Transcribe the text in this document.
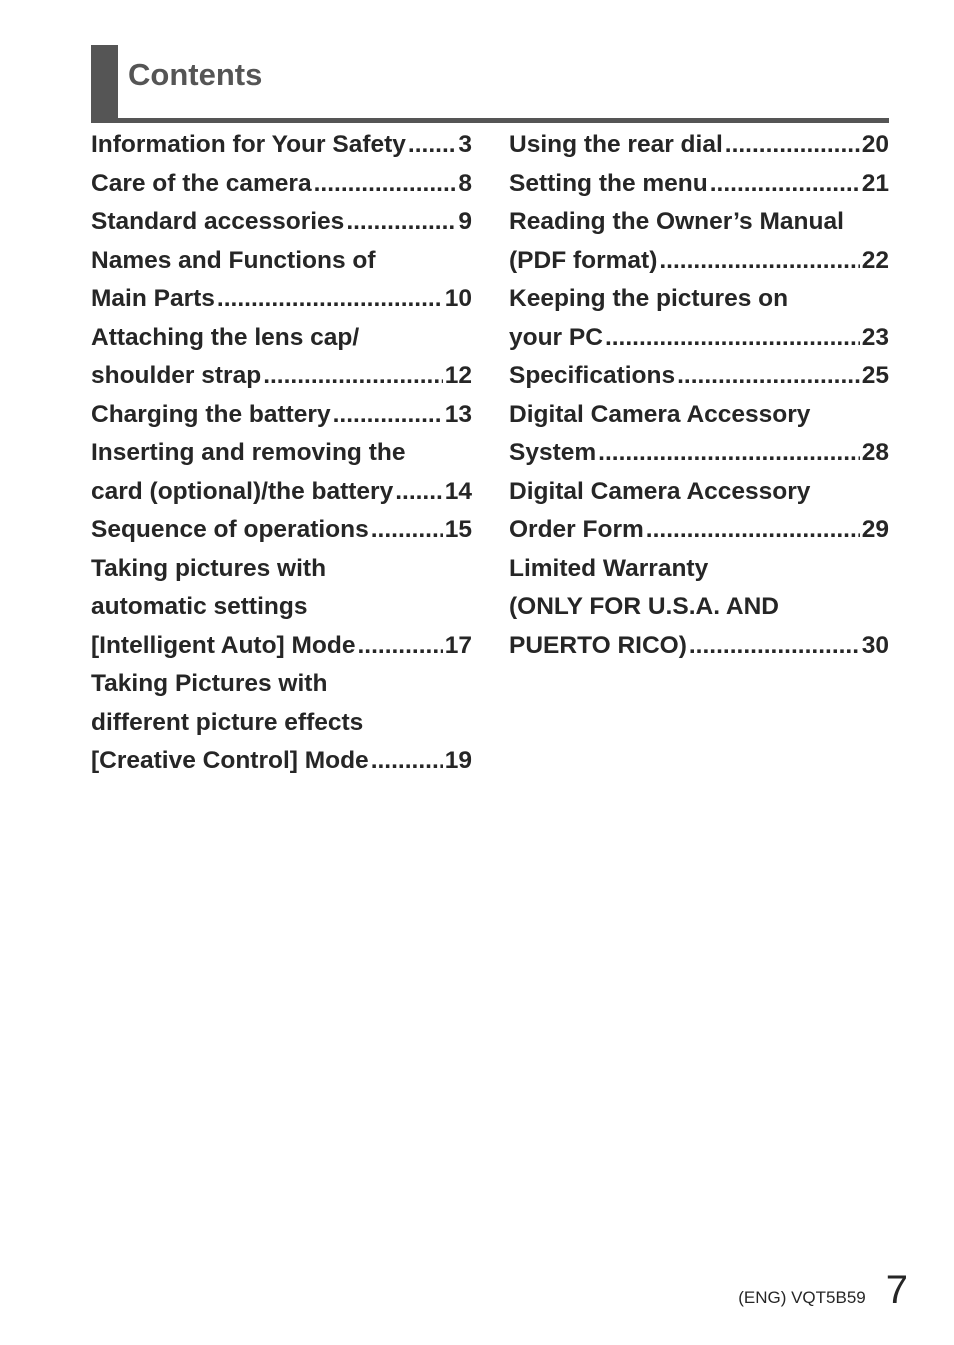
Contents
Information for Your Safety ..... 3
Care of the camera .....	8
Standard accessories .....	9
Names and Functions of
Main Parts .....	10
Attaching the lens cap/
shoulder strap .....	12
Charging the battery .....	13
Inserting and removing the
card (optional)/the battery ..... 14
Sequence of operations .....	15
Taking pictures with
automatic settings
[Intelligent Auto] Mode .....	17
Taking Pictures with
different picture effects
[Creative Control] Mode .....	19
Using the rear dial .....	20
Setting the menu .....	21
Reading the Owner’s Manual
(PDF format) .....	22
Keeping the pictures on
your PC .....	23
Specifications .....	25
Digital Camera Accessory
System .....	28
Digital Camera Accessory
Order Form .....	29
Limited Warranty
(ONLY FOR U.S.A. AND
PUERTO RICO) .....	30
(ENG) VQT5B59 7
